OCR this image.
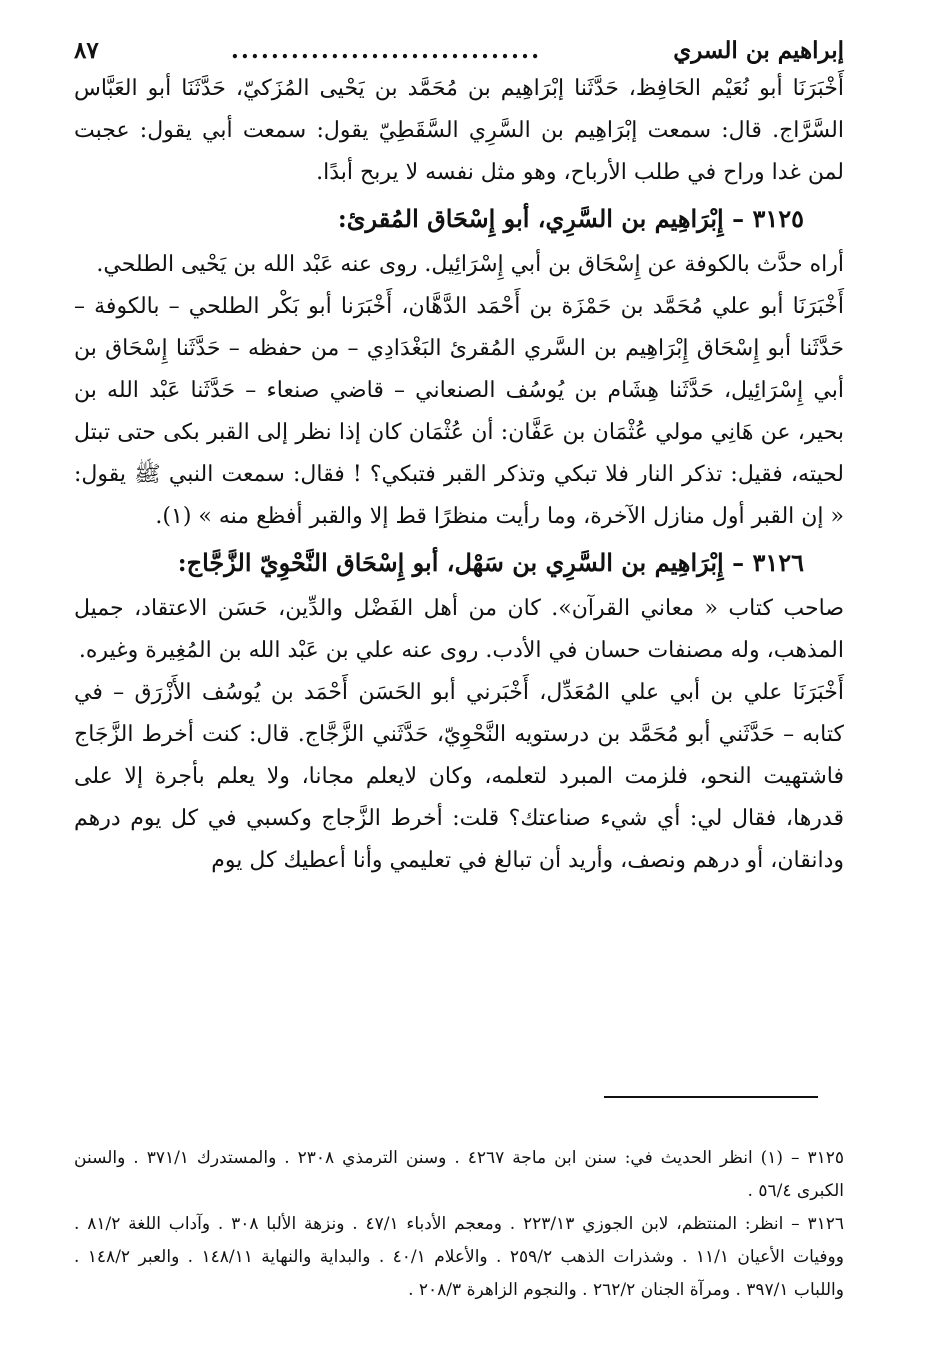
إبراهيم بن السري
...............................
٨٧

أَخْبَرَنَا أبو نُعَيْم الحَافِظ، حَدَّثَنا إبْرَاهِيم بن مُحَمَّد بن يَحْيى المُزَكيّ، حَدَّثَنَا أبو العَبَّاس السَّرَّاج. قال: سمعت إبْرَاهِيم بن السَّرِي السَّقَطِيّ يقول: سمعت أبي يقول: عجبت لمن غدا وراح في طلب الأرباح، وهو مثل نفسه لا يربح أبدًا.

٣١٢٥ – إِبْرَاهِيم بن السَّرِي، أبو إِسْحَاق المُقرئ:

أراه حدَّث بالكوفة عن إِسْحَاق بن أبي إِسْرَائِيل. روى عنه عَبْد الله بن يَحْيى الطلحي.

أَخْبَرَنَا أبو علي مُحَمَّد بن حَمْزَة بن أَحْمَد الدَّهَّان، أَخْبَرَنا أبو بَكْر الطلحي – بالكوفة – حَدَّثَنا أبو إِسْحَاق إِبْرَاهِيم بن السَّري المُقرئ البَغْدَادِي – من حفظه – حَدَّثَنا إِسْحَاق بن أبي إِسْرَائِيل، حَدَّثَنا هِشَام بن يُوسُف الصنعاني – قاضي صنعاء – حَدَّثَنا عَبْد الله بن بحير، عن هَانِي مولي عُثْمَان بن عَفَّان: أن عُثْمَان كان إذا نظر إلى القبر بكى حتى تبتل لحيته، فقيل: تذكر النار فلا تبكي وتذكر القبر فتبكي؟ ! فقال: سمعت النبي ﷺ يقول: « إن القبر أول منازل الآخرة، وما رأيت منظرًا قط إلا والقبر أفظع منه » (١).

٣١٢٦ – إِبْرَاهِيم بن السَّرِي بن سَهْل، أبو إِسْحَاق النَّحْوِيّ الزَّجَّاج:

صاحب كتاب « معاني القرآن». كان من أهل الفَضْل والدِّين، حَسَن الاعتقاد، جميل المذهب، وله مصنفات حسان في الأدب. روى عنه علي بن عَبْد الله بن المُغِيرة وغيره.

أَخْبَرَنَا علي بن أبي علي المُعَدِّل، أَخْبَرني أبو الحَسَن أَحْمَد بن يُوسُف الأَزْرَق – في كتابه – حَدَّثَني أبو مُحَمَّد بن درستويه النَّحْوِيّ، حَدَّثَني الزَّجَّاج. قال: كنت أخرط الزَّجَاج فاشتهيت النحو، فلزمت المبرد لتعلمه، وكان لايعلم مجانا، ولا يعلم بأجرة إلا على قدرها، فقال لي: أي شيء صناعتك؟ قلت: أخرط الزَّجاج وكسبي في كل يوم درهم ودانقان، أو درهم ونصف، وأريد أن تبالغ في تعليمي وأنا أعطيك كل يوم

٣١٢٥ – (١) انظر الحديث في: سنن ابن ماجة ٤٢٦٧ . وسنن الترمذي ٢٣٠٨ . والمستدرك ٣٧١/١ . والسنن الكبرى ٥٦/٤ .

٣١٢٦ – انظر: المنتظم، لابن الجوزي ٢٢٣/١٣ . ومعجم الأدباء ٤٧/١ . ونزهة الألبا ٣٠٨ . وآداب اللغة ٨١/٢ . ووفيات الأعيان ١١/١ . وشذرات الذهب ٢٥٩/٢ . والأعلام ٤٠/١ . والبداية والنهاية ١٤٨/١١ . والعبر ١٤٨/٢ . واللباب ٣٩٧/١ . ومرآة الجنان ٢٦٢/٢ . والنجوم الزاهرة ٢٠٨/٣ .
